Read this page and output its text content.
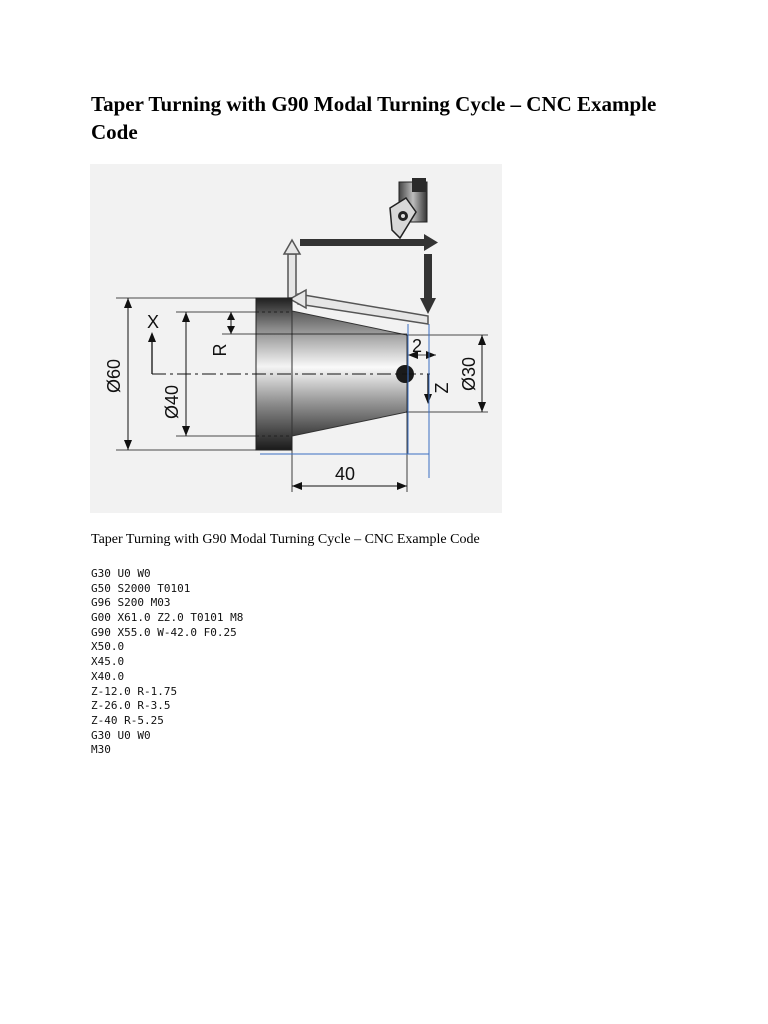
Taper Turning with G90 Modal Turning Cycle – CNC Example Code
Ø60
Ø40
R
Ø30
Z
X
2
40
Taper Turning with G90 Modal Turning Cycle – CNC Example Code
G30 U0 W0
G50 S2000 T0101
G96 S200 M03
G00 X61.0 Z2.0 T0101 M8
G90 X55.0 W-42.0 F0.25
X50.0
X45.0
X40.0
Z-12.0 R-1.75
Z-26.0 R-3.5
Z-40 R-5.25
G30 U0 W0
M30
